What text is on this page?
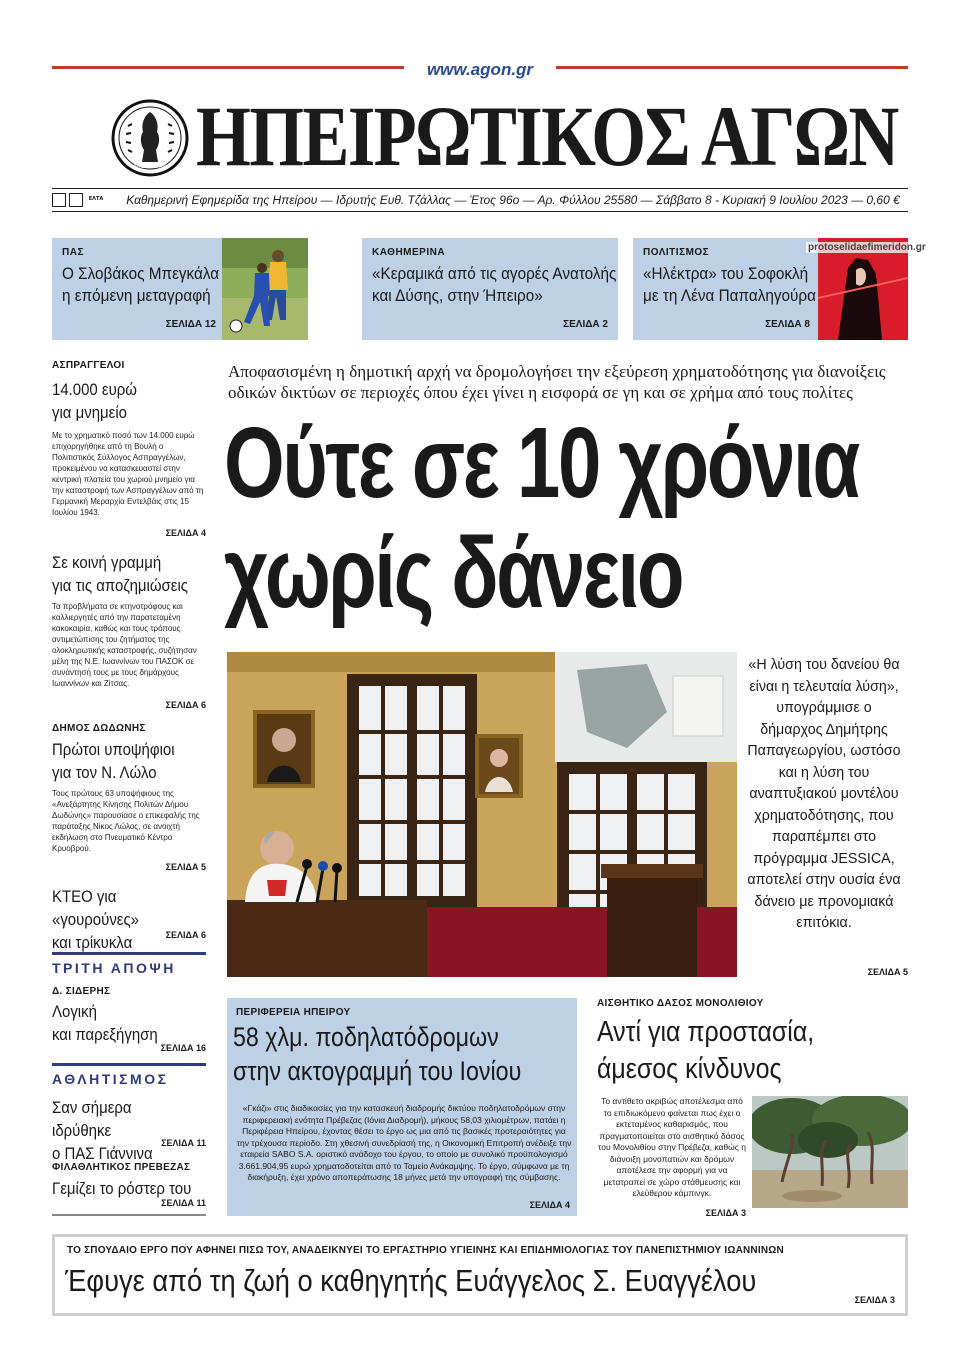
www.agon.gr
ΑΠΟ ΠΑΤΡΑΝ ΗΠΕΙΡΩΤΙΚΟΣ ΑΓΩΝ
ΕΛΤΑ	Καθημερινή Εφημερίδα της Ηπείρου — Ιδρυτής Ευθ. Τζάλλας — Έτος 96ο — Αρ. Φύλλου 25580 — Σάββατο 8 - Κυριακή 9 Ιουλίου 2023 — 0,60 €
ΠΑΣ
Ο Σλοβάκος Μπεγκάλα
η επόμενη μεταγραφή
ΣΕΛΙΔΑ 12
ΚΑΘΗΜΕΡΙΝΑ
«Κεραμικά από τις αγορές Ανατολής
και Δύσης, στην Ήπειρο»
ΣΕΛΙΔΑ 2
ΠΟΛΙΤΙΣΜΟΣ
«Ηλέκτρα» του Σοφοκλή
με τη Λένα Παπαληγούρα
ΣΕΛΙΔΑ 8
protoselidaefimeridon.gr
ΑΣΠΡΑΓΓΕΛΟΙ
14.000 ευρώ
για μνημείο
Με το χρηματικό ποσό των 14.000 ευρώ επιχορηγήθηκε από τη Βουλή ο Πολιτιστικός Σύλλογος Ασπραγγέλων, προκειμένου να κατασκευαστεί στην κεντρική πλατεία του χωριού μνημείο για την καταστροφή των Ασπραγγέλων από τη Γερμανική Μεραρχία Εντελβάις στις 15 Ιουλίου 1943.
ΣΕΛΙΔΑ 4
Σε κοινή γραμμή
για τις αποζημιώσεις
Τα προβλήματα σε κτηνοτρόφους και καλλιεργητές από την παρατεταμένη κακοκαιρία, καθώς και τους τρόπους αντιμετώπισης του ζητήματος της ολοκληρωτικής καταστροφής, συζήτησαν μέλη της Ν.Ε. Ιωαννίνων του ΠΑΣΟΚ σε συνάντησή τους με τους δημάρχους Ιωαννίνων και Ζίτσας.
ΣΕΛΙΔΑ 6
ΔΗΜΟΣ ΔΩΔΩΝΗΣ
Πρώτοι υποψήφιοι
για τον Ν. Λώλο
Τους πρώτους 63 υποψήφιους της «Ανεξάρτητης Κίνησης Πολιτών Δήμου Δωδώνης» παρουσίασε ο επικεφαλής της παράταξης Νίκος Λώλος, σε ανοιχτή εκδήλωση στο Πνευματικό Κέντρο Κρυοβρού.
ΣΕΛΙΔΑ 5
ΚΤΕΟ για «γουρούνες»
και τρίκυκλα	ΣΕΛΙΔΑ 6
ΤΡΙΤΗ ΑΠΟΨΗ
Δ. ΣΙΔΕΡΗΣ
Λογική
και παρεξήγηση
ΣΕΛΙΔΑ 16
ΑΘΛΗΤΙΣΜΟΣ
Σαν σήμερα ιδρύθηκε
ο ΠΑΣ Γιάννινα
ΣΕΛΙΔΑ 11
ΦΙΛΑΘΛΗΤΙΚΟΣ ΠΡΕΒΕΖΑΣ
Γεμίζει το ρόστερ του
ΣΕΛΙΔΑ 11
Αποφασισμένη η δημοτική αρχή να δρομολογήσει την εξεύρεση χρηματοδότησης για διανοίξεις οδικών δικτύων σε περιοχές όπου έχει γίνει η εισφορά σε γη και σε χρήμα από τους πολίτες
Ούτε σε 10 χρόνια
χωρίς δάνειο
«Η λύση του δανείου θα είναι η τελευταία λύση», υπογράμμισε ο δήμαρχος Δημήτρης Παπαγεωργίου, ωστόσο και η λύση του αναπτυξιακού μοντέλου χρηματοδότησης, που παραπέμπει στο πρόγραμμα JESSICA, αποτελεί στην ουσία ένα δάνειο με προνομιακά επιτόκια.
ΣΕΛΙΔΑ 5
ΠΕΡΙΦΕΡΕΙΑ ΗΠΕΙΡΟΥ
58 χλμ. ποδηλατόδρομων
στην ακτογραμμή του Ιονίου
«Γκάζι» στις διαδικασίες για την κατασκευή διαδρομής δικτύου ποδηλατοδρόμων στην περιφερειακή ενότητα Πρέβεζας (Ιόνια Διαδρομή), μήκους 58,03 χιλιομέτρων, πατάει η Περιφέρεια Ηπείρου, έχοντας θέσει το έργο ως μια από τις βασικές προτεραιότητες για την τρέχουσα περίοδο. Στη χθεσινή συνεδρίασή της, η Οικονομική Επιτροπή ανέδειξε την εταιρεία SABO S.A. οριστικό ανάδοχο του έργου, το οποίο με συνολικό προϋπολογισμό 3.661.904,95 ευρώ χρηματοδοτείται από το Ταμείο Ανάκαμψης. Το έργο, σύμφωνα με τη διακήρυξη, έχει χρόνο αποπεράτωσης 18 μήνες μετά την υπογραφή της σύμβασης.
ΣΕΛΙΔΑ 4
ΑΙΣΘΗΤΙΚΟ ΔΑΣΟΣ ΜΟΝΟΛΙΘΙΟΥ
Αντί για προστασία,
άμεσος κίνδυνος
Το αντίθετο ακριβώς αποτέλεσμα από το επιδιωκόμενο φαίνεται πως έχει ο εκτεταμένος καθαρισμός, που πραγματοποιείται στο αισθητικό δάσος του Μονολιθίου στην Πρέβεζα, καθώς η διάνοιξη μονοπατιών και δρόμων αποτέλεσε την αφορμή για να μετατραπεί σε χώρο στάθμευσης και ελεύθερου κάμπινγκ.
ΣΕΛΙΔΑ 3
ΤΟ ΣΠΟΥΔΑΙΟ ΕΡΓΟ ΠΟΥ ΑΦΗΝΕΙ ΠΙΣΩ ΤΟΥ, ΑΝΑΔΕΙΚΝΥΕΙ ΤΟ ΕΡΓΑΣΤΗΡΙΟ ΥΓΙΕΙΝΗΣ ΚΑΙ ΕΠΙΔΗΜΙΟΛΟΓΙΑΣ ΤΟΥ ΠΑΝΕΠΙΣΤΗΜΙΟΥ ΙΩΑΝΝΙΝΩΝ
Έφυγε από τη ζωή ο καθηγητής Ευάγγελος Σ. Ευαγγέλου
ΣΕΛΙΔΑ 3
